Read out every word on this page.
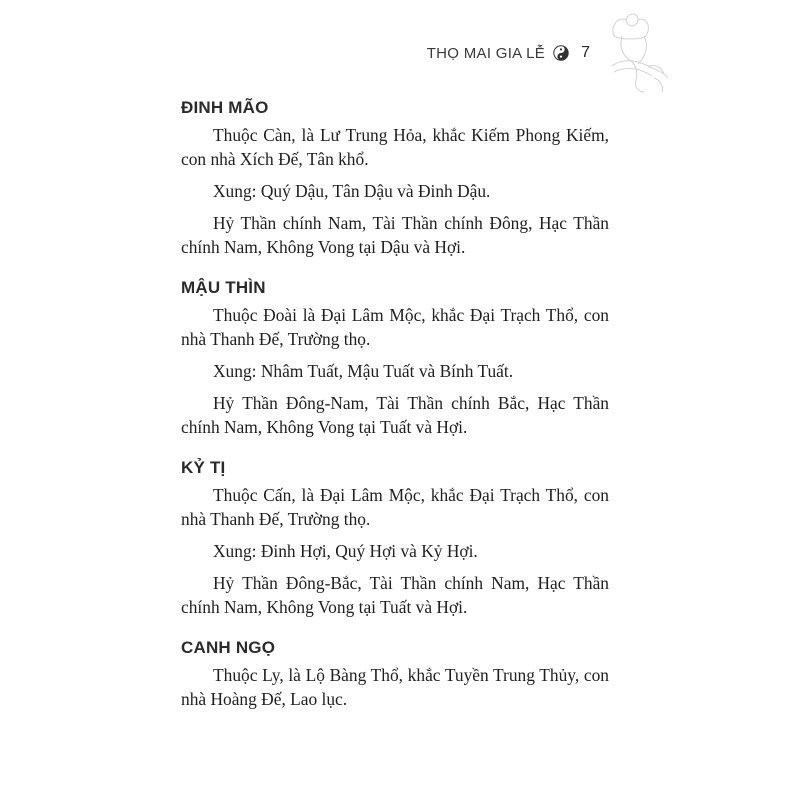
THỌ MAI GIA LỄ 7
ĐINH MÃO

Thuộc Càn, là Lư Trung Hỏa, khắc Kiếm Phong Kiếm, con nhà Xích Đế, Tân khổ.

Xung: Quý Dậu, Tân Dậu và Đinh Dậu.

Hỷ Thần chính Nam, Tài Thần chính Đông, Hạc Thần chính Nam, Không Vong tại Dậu và Hợi.

MẬU THÌN

Thuộc Đoài là Đại Lâm Mộc, khắc Đại Trạch Thổ, con nhà Thanh Đế, Trường thọ.

Xung: Nhâm Tuất, Mậu Tuất và Bính Tuất.

Hỷ Thần Đông-Nam, Tài Thần chính Bắc, Hạc Thần chính Nam, Không Vong tại Tuất và Hợi.

KỶ TỊ

Thuộc Cấn, là Đại Lâm Mộc, khắc Đại Trạch Thổ, con nhà Thanh Đế, Trường thọ.

Xung: Đinh Hợi, Quý Hợi và Kỷ Hợi.

Hỷ Thần Đông-Bắc, Tài Thần chính Nam, Hạc Thần chính Nam, Không Vong tại Tuất và Hợi.

CANH NGỌ

Thuộc Ly, là Lộ Bàng Thổ, khắc Tuyền Trung Thủy, con nhà Hoàng Đế, Lao lục.
